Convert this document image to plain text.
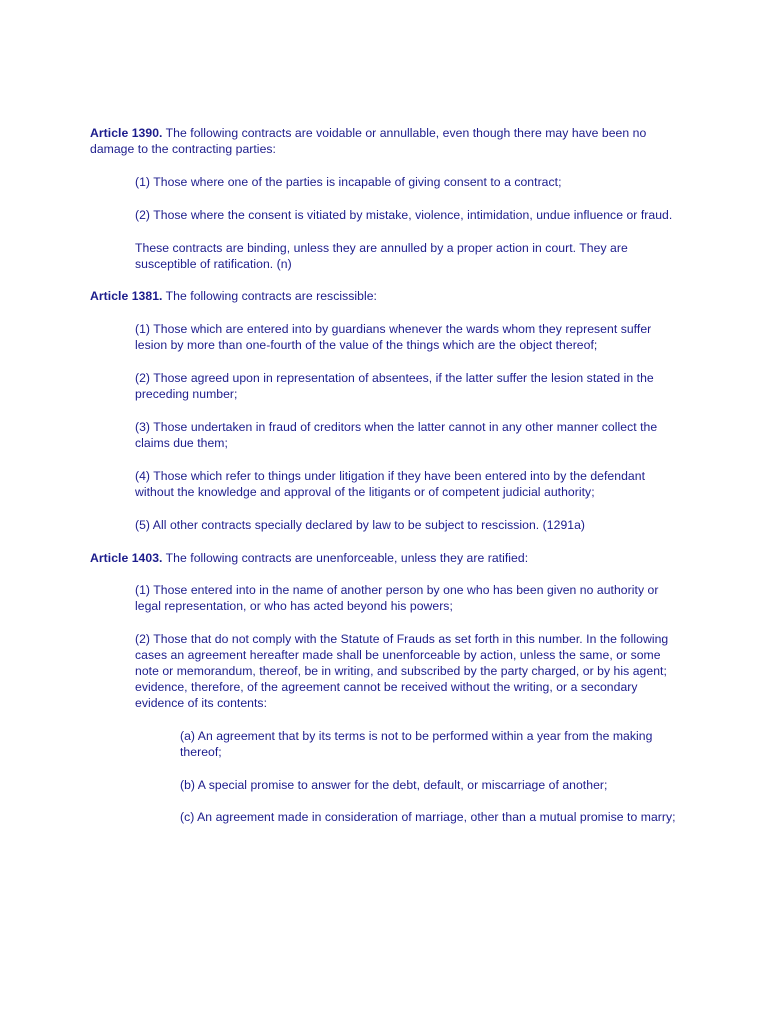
Article 1390. The following contracts are voidable or annullable, even though there may have been no damage to the contracting parties:

(1) Those where one of the parties is incapable of giving consent to a contract;

(2) Those where the consent is vitiated by mistake, violence, intimidation, undue influence or fraud.

These contracts are binding, unless they are annulled by a proper action in court. They are susceptible of ratification. (n)

Article 1381. The following contracts are rescissible:

(1) Those which are entered into by guardians whenever the wards whom they represent suffer lesion by more than one-fourth of the value of the things which are the object thereof;

(2) Those agreed upon in representation of absentees, if the latter suffer the lesion stated in the preceding number;

(3) Those undertaken in fraud of creditors when the latter cannot in any other manner collect the claims due them;

(4) Those which refer to things under litigation if they have been entered into by the defendant without the knowledge and approval of the litigants or of competent judicial authority;

(5) All other contracts specially declared by law to be subject to rescission. (1291a)

Article 1403. The following contracts are unenforceable, unless they are ratified:

(1) Those entered into in the name of another person by one who has been given no authority or legal representation, or who has acted beyond his powers;

(2) Those that do not comply with the Statute of Frauds as set forth in this number. In the following cases an agreement hereafter made shall be unenforceable by action, unless the same, or some note or memorandum, thereof, be in writing, and subscribed by the party charged, or by his agent; evidence, therefore, of the agreement cannot be received without the writing, or a secondary evidence of its contents:

(a) An agreement that by its terms is not to be performed within a year from the making thereof;

(b) A special promise to answer for the debt, default, or miscarriage of another;

(c) An agreement made in consideration of marriage, other than a mutual promise to marry;
